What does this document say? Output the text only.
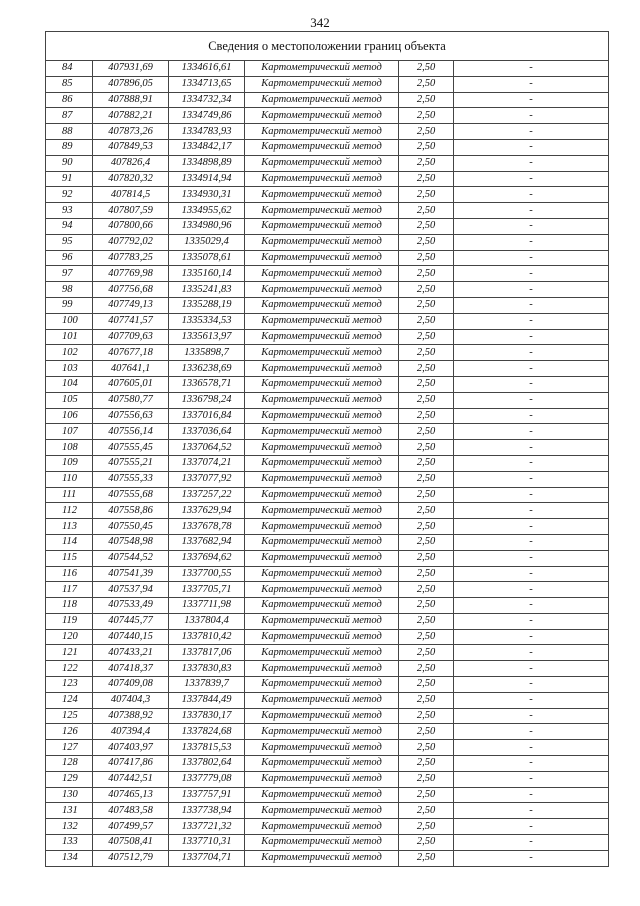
342
Сведения о местоположении границ объекта					
84	407931,69	1334616,61	Картометрический метод	2,50	-
85	407896,05	1334713,65	Картометрический метод	2,50	-
86	407888,91	1334732,34	Картометрический метод	2,50	-
87	407882,21	1334749,86	Картометрический метод	2,50	-
88	407873,26	1334783,93	Картометрический метод	2,50	-
89	407849,53	1334842,17	Картометрический метод	2,50	-
90	407826,4	1334898,89	Картометрический метод	2,50	-
91	407820,32	1334914,94	Картометрический метод	2,50	-
92	407814,5	1334930,31	Картометрический метод	2,50	-
93	407807,59	1334955,62	Картометрический метод	2,50	-
94	407800,66	1334980,96	Картометрический метод	2,50	-
95	407792,02	1335029,4	Картометрический метод	2,50	-
96	407783,25	1335078,61	Картометрический метод	2,50	-
97	407769,98	1335160,14	Картометрический метод	2,50	-
98	407756,68	1335241,83	Картометрический метод	2,50	-
99	407749,13	1335288,19	Картометрический метод	2,50	-
100	407741,57	1335334,53	Картометрический метод	2,50	-
101	407709,63	1335613,97	Картометрический метод	2,50	-
102	407677,18	1335898,7	Картометрический метод	2,50	-
103	407641,1	1336238,69	Картометрический метод	2,50	-
104	407605,01	1336578,71	Картометрический метод	2,50	-
105	407580,77	1336798,24	Картометрический метод	2,50	-
106	407556,63	1337016,84	Картометрический метод	2,50	-
107	407556,14	1337036,64	Картометрический метод	2,50	-
108	407555,45	1337064,52	Картометрический метод	2,50	-
109	407555,21	1337074,21	Картометрический метод	2,50	-
110	407555,33	1337077,92	Картометрический метод	2,50	-
111	407555,68	1337257,22	Картометрический метод	2,50	-
112	407558,86	1337629,94	Картометрический метод	2,50	-
113	407550,45	1337678,78	Картометрический метод	2,50	-
114	407548,98	1337682,94	Картометрический метод	2,50	-
115	407544,52	1337694,62	Картометрический метод	2,50	-
116	407541,39	1337700,55	Картометрический метод	2,50	-
117	407537,94	1337705,71	Картометрический метод	2,50	-
118	407533,49	1337711,98	Картометрический метод	2,50	-
119	407445,77	1337804,4	Картометрический метод	2,50	-
120	407440,15	1337810,42	Картометрический метод	2,50	-
121	407433,21	1337817,06	Картометрический метод	2,50	-
122	407418,37	1337830,83	Картометрический метод	2,50	-
123	407409,08	1337839,7	Картометрический метод	2,50	-
124	407404,3	1337844,49	Картометрический метод	2,50	-
125	407388,92	1337830,17	Картометрический метод	2,50	-
126	407394,4	1337824,68	Картометрический метод	2,50	-
127	407403,97	1337815,53	Картометрический метод	2,50	-
128	407417,86	1337802,64	Картометрический метод	2,50	-
129	407442,51	1337779,08	Картометрический метод	2,50	-
130	407465,13	1337757,91	Картометрический метод	2,50	-
131	407483,58	1337738,94	Картометрический метод	2,50	-
132	407499,57	1337721,32	Картометрический метод	2,50	-
133	407508,41	1337710,31	Картометрический метод	2,50	-
134	407512,79	1337704,71	Картометрический метод	2,50	-
